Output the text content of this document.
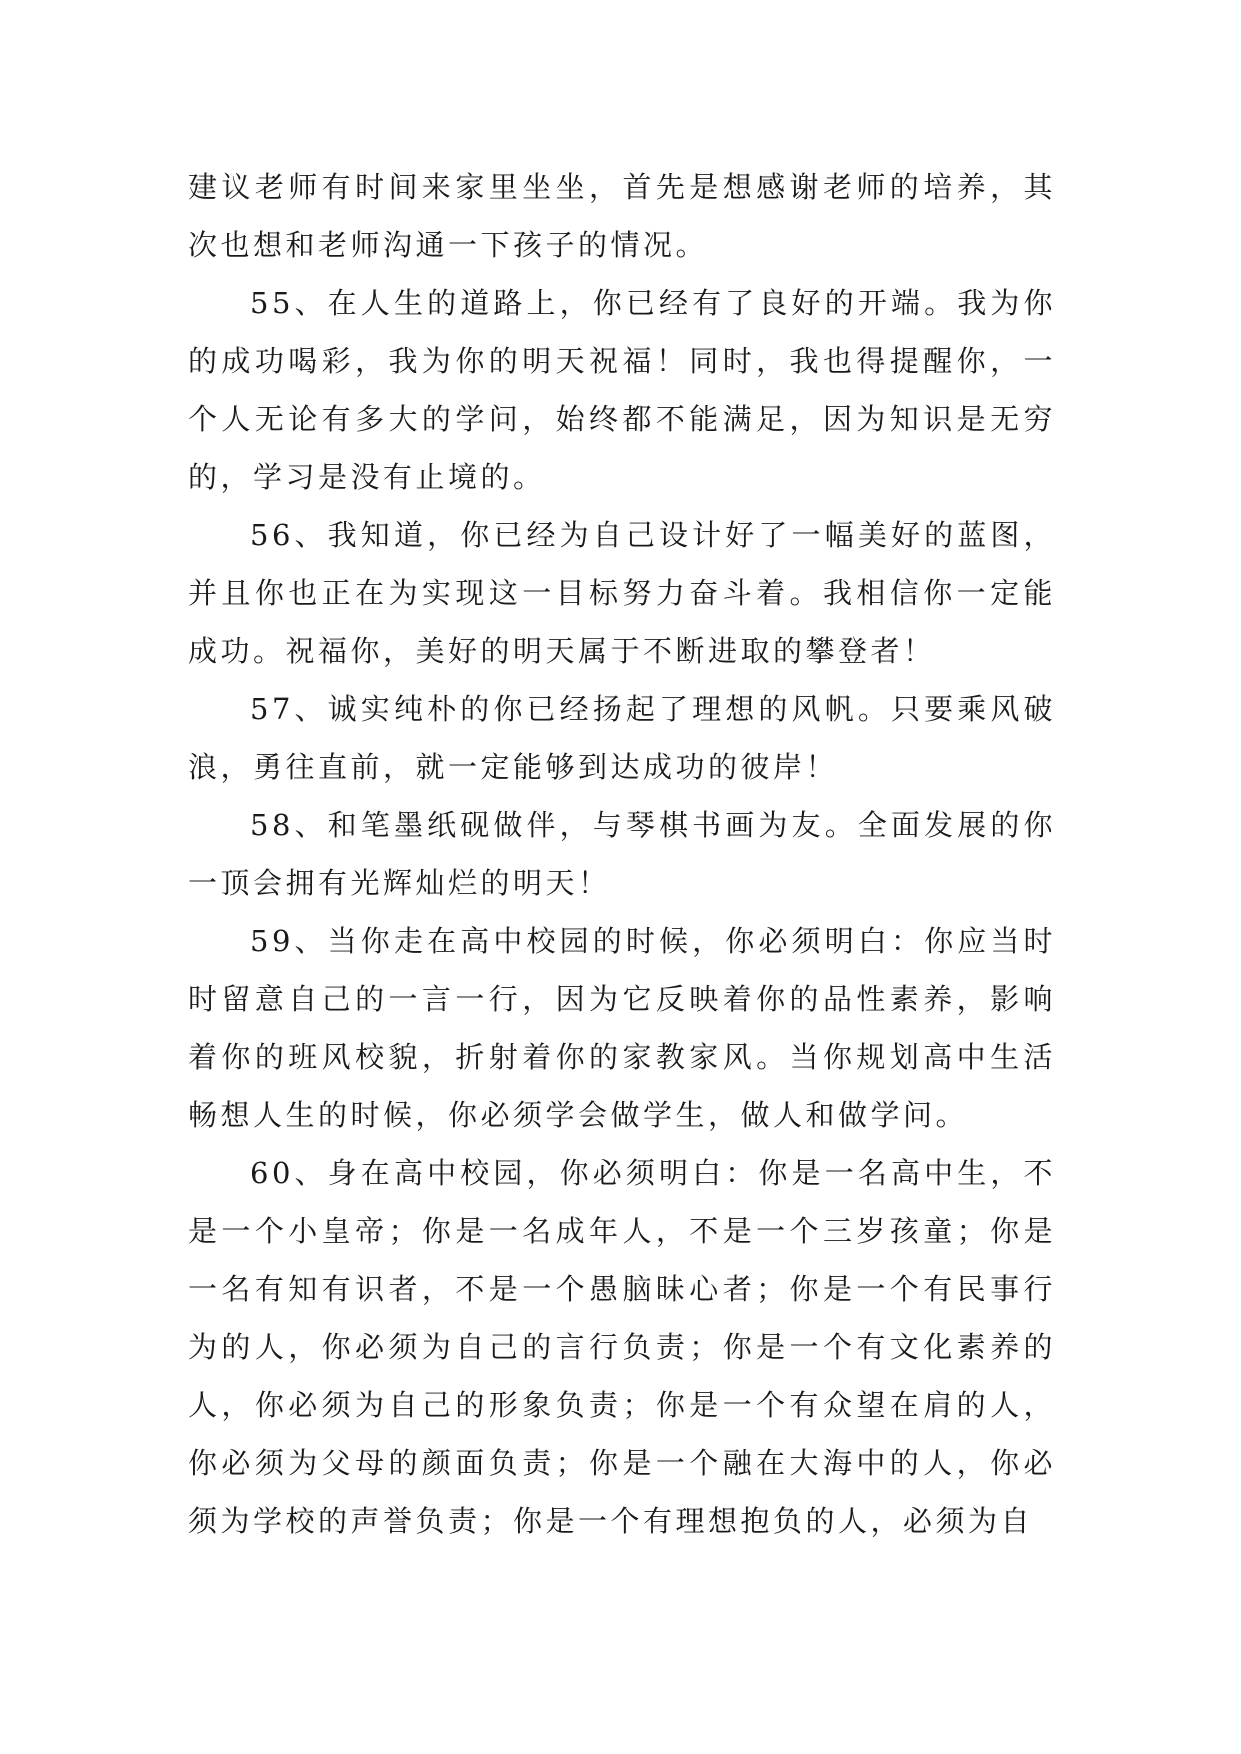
建议老师有时间来家里坐坐，首先是想感谢老师的培养，其次也想和老师沟通一下孩子的情况。

55、在人生的道路上，你已经有了良好的开端。我为你的成功喝彩，我为你的明天祝福！同时，我也得提醒你，一个人无论有多大的学问，始终都不能满足，因为知识是无穷的，学习是没有止境的。

56、我知道，你已经为自己设计好了一幅美好的蓝图，并且你也正在为实现这一目标努力奋斗着。我相信你一定能成功。祝福你，美好的明天属于不断进取的攀登者！

57、诚实纯朴的你已经扬起了理想的风帆。只要乘风破浪，勇往直前，就一定能够到达成功的彼岸！

58、和笔墨纸砚做伴，与琴棋书画为友。全面发展的你一顶会拥有光辉灿烂的明天！

59、当你走在高中校园的时候，你必须明白：你应当时时留意自己的一言一行，因为它反映着你的品性素养，影响着你的班风校貌，折射着你的家教家风。当你规划高中生活畅想人生的时候，你必须学会做学生，做人和做学问。

60、身在高中校园，你必须明白：你是一名高中生，不是一个小皇帝；你是一名成年人，不是一个三岁孩童；你是一名有知有识者，不是一个愚脑昧心者；你是一个有民事行为的人，你必须为自己的言行负责；你是一个有文化素养的人，你必须为自己的形象负责；你是一个有众望在肩的人，你必须为父母的颜面负责；你是一个融在大海中的人，你必须为学校的声誉负责；你是一个有理想抱负的人，必须为自
